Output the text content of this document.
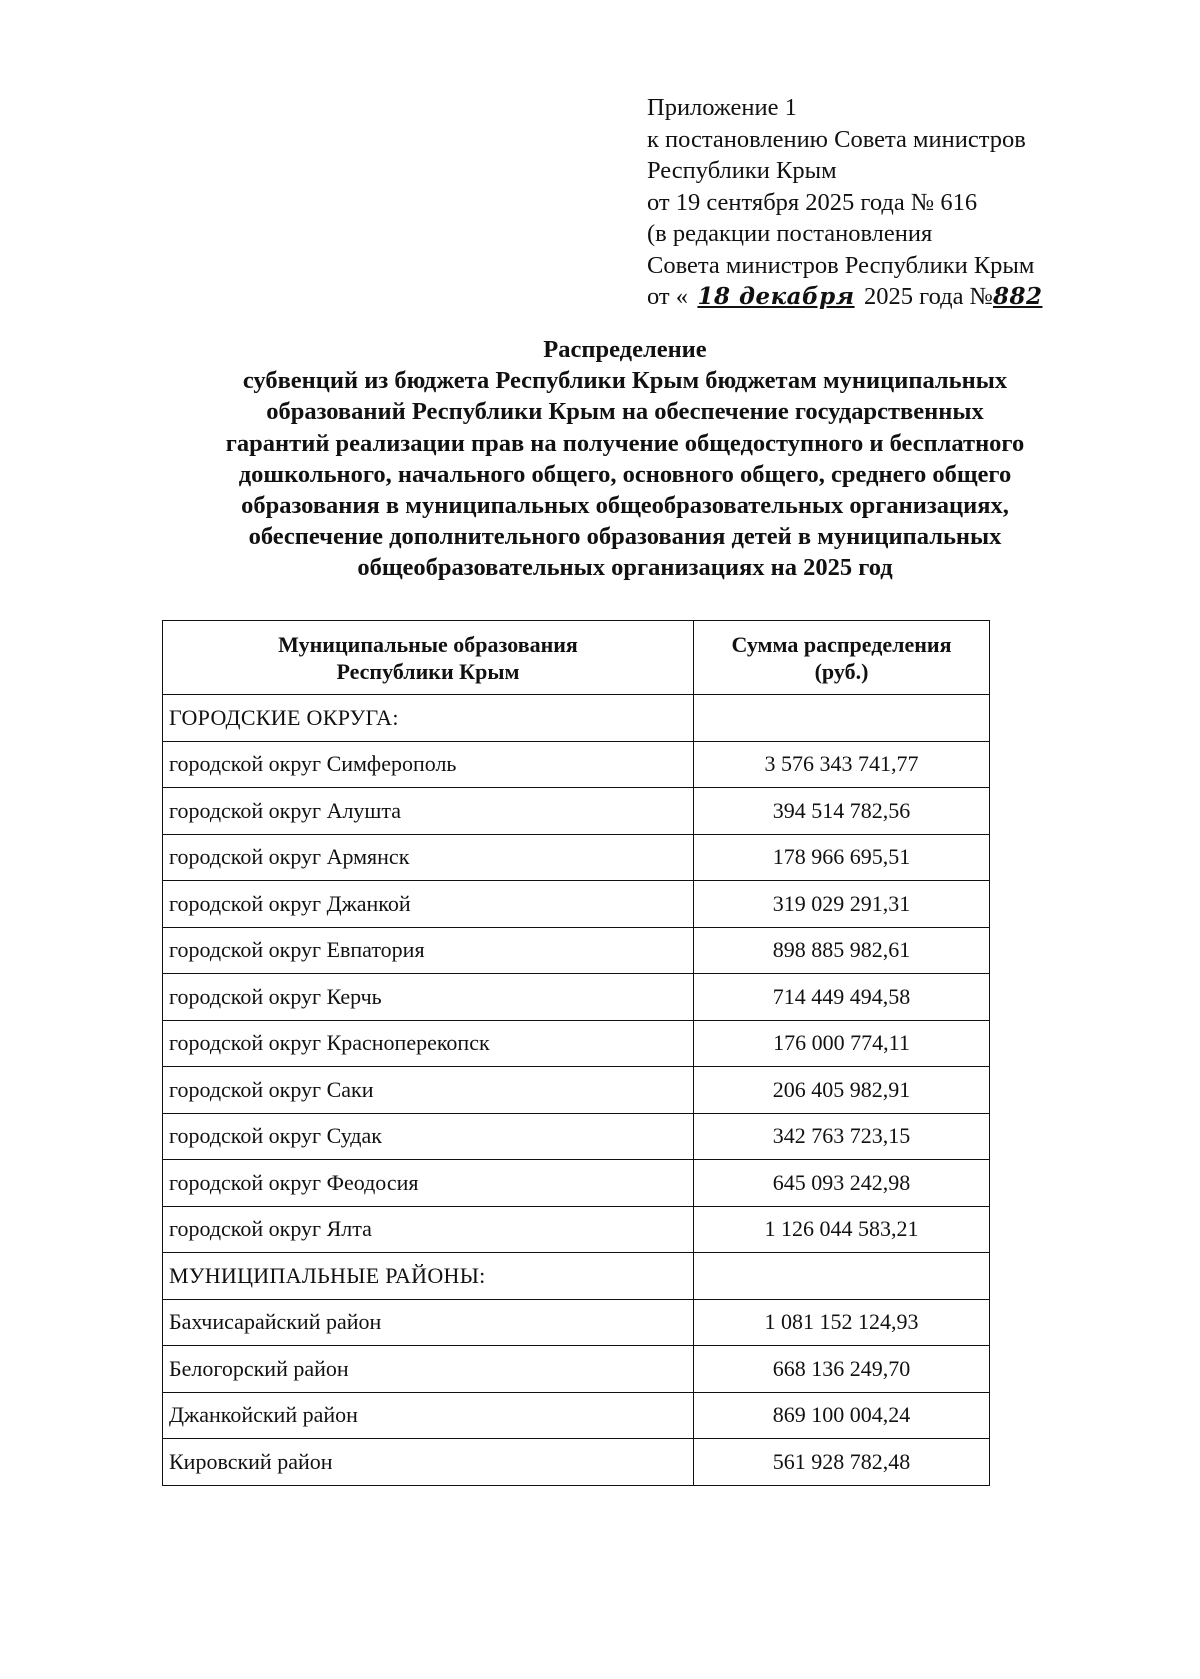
Приложение 1
к постановлению Совета министров
Республики Крым
от 19 сентября 2025 года № 616
(в редакции постановления
Совета министров Республики Крым
от « 18 декабря 2025 года №882
Распределение
субвенций из бюджета Республики Крым бюджетам муниципальных
образований Республики Крым на обеспечение государственных
гарантий реализации прав на получение общедоступного и бесплатного
дошкольного, начального общего, основного общего, среднего общего
образования в муниципальных общеобразовательных организациях,
обеспечение дополнительного образования детей в муниципальных
общеобразовательных организациях на 2025 год
Муниципальные образования
Республики Крым	Сумма распределения
(руб.)
ГОРОДСКИЕ ОКРУГА:	
городской округ Симферополь	3 576 343 741,77
городской округ Алушта	394 514 782,56
городской округ Армянск	178 966 695,51
городской округ Джанкой	319 029 291,31
городской округ Евпатория	898 885 982,61
городской округ Керчь	714 449 494,58
городской округ Красноперекопск	176 000 774,11
городской округ Саки	206 405 982,91
городской округ Судак	342 763 723,15
городской округ Феодосия	645 093 242,98
городской округ Ялта	1 126 044 583,21
МУНИЦИПАЛЬНЫЕ РАЙОНЫ:	
Бахчисарайский район	1 081 152 124,93
Белогорский район	668 136 249,70
Джанкойский район	869 100 004,24
Кировский район	561 928 782,48
